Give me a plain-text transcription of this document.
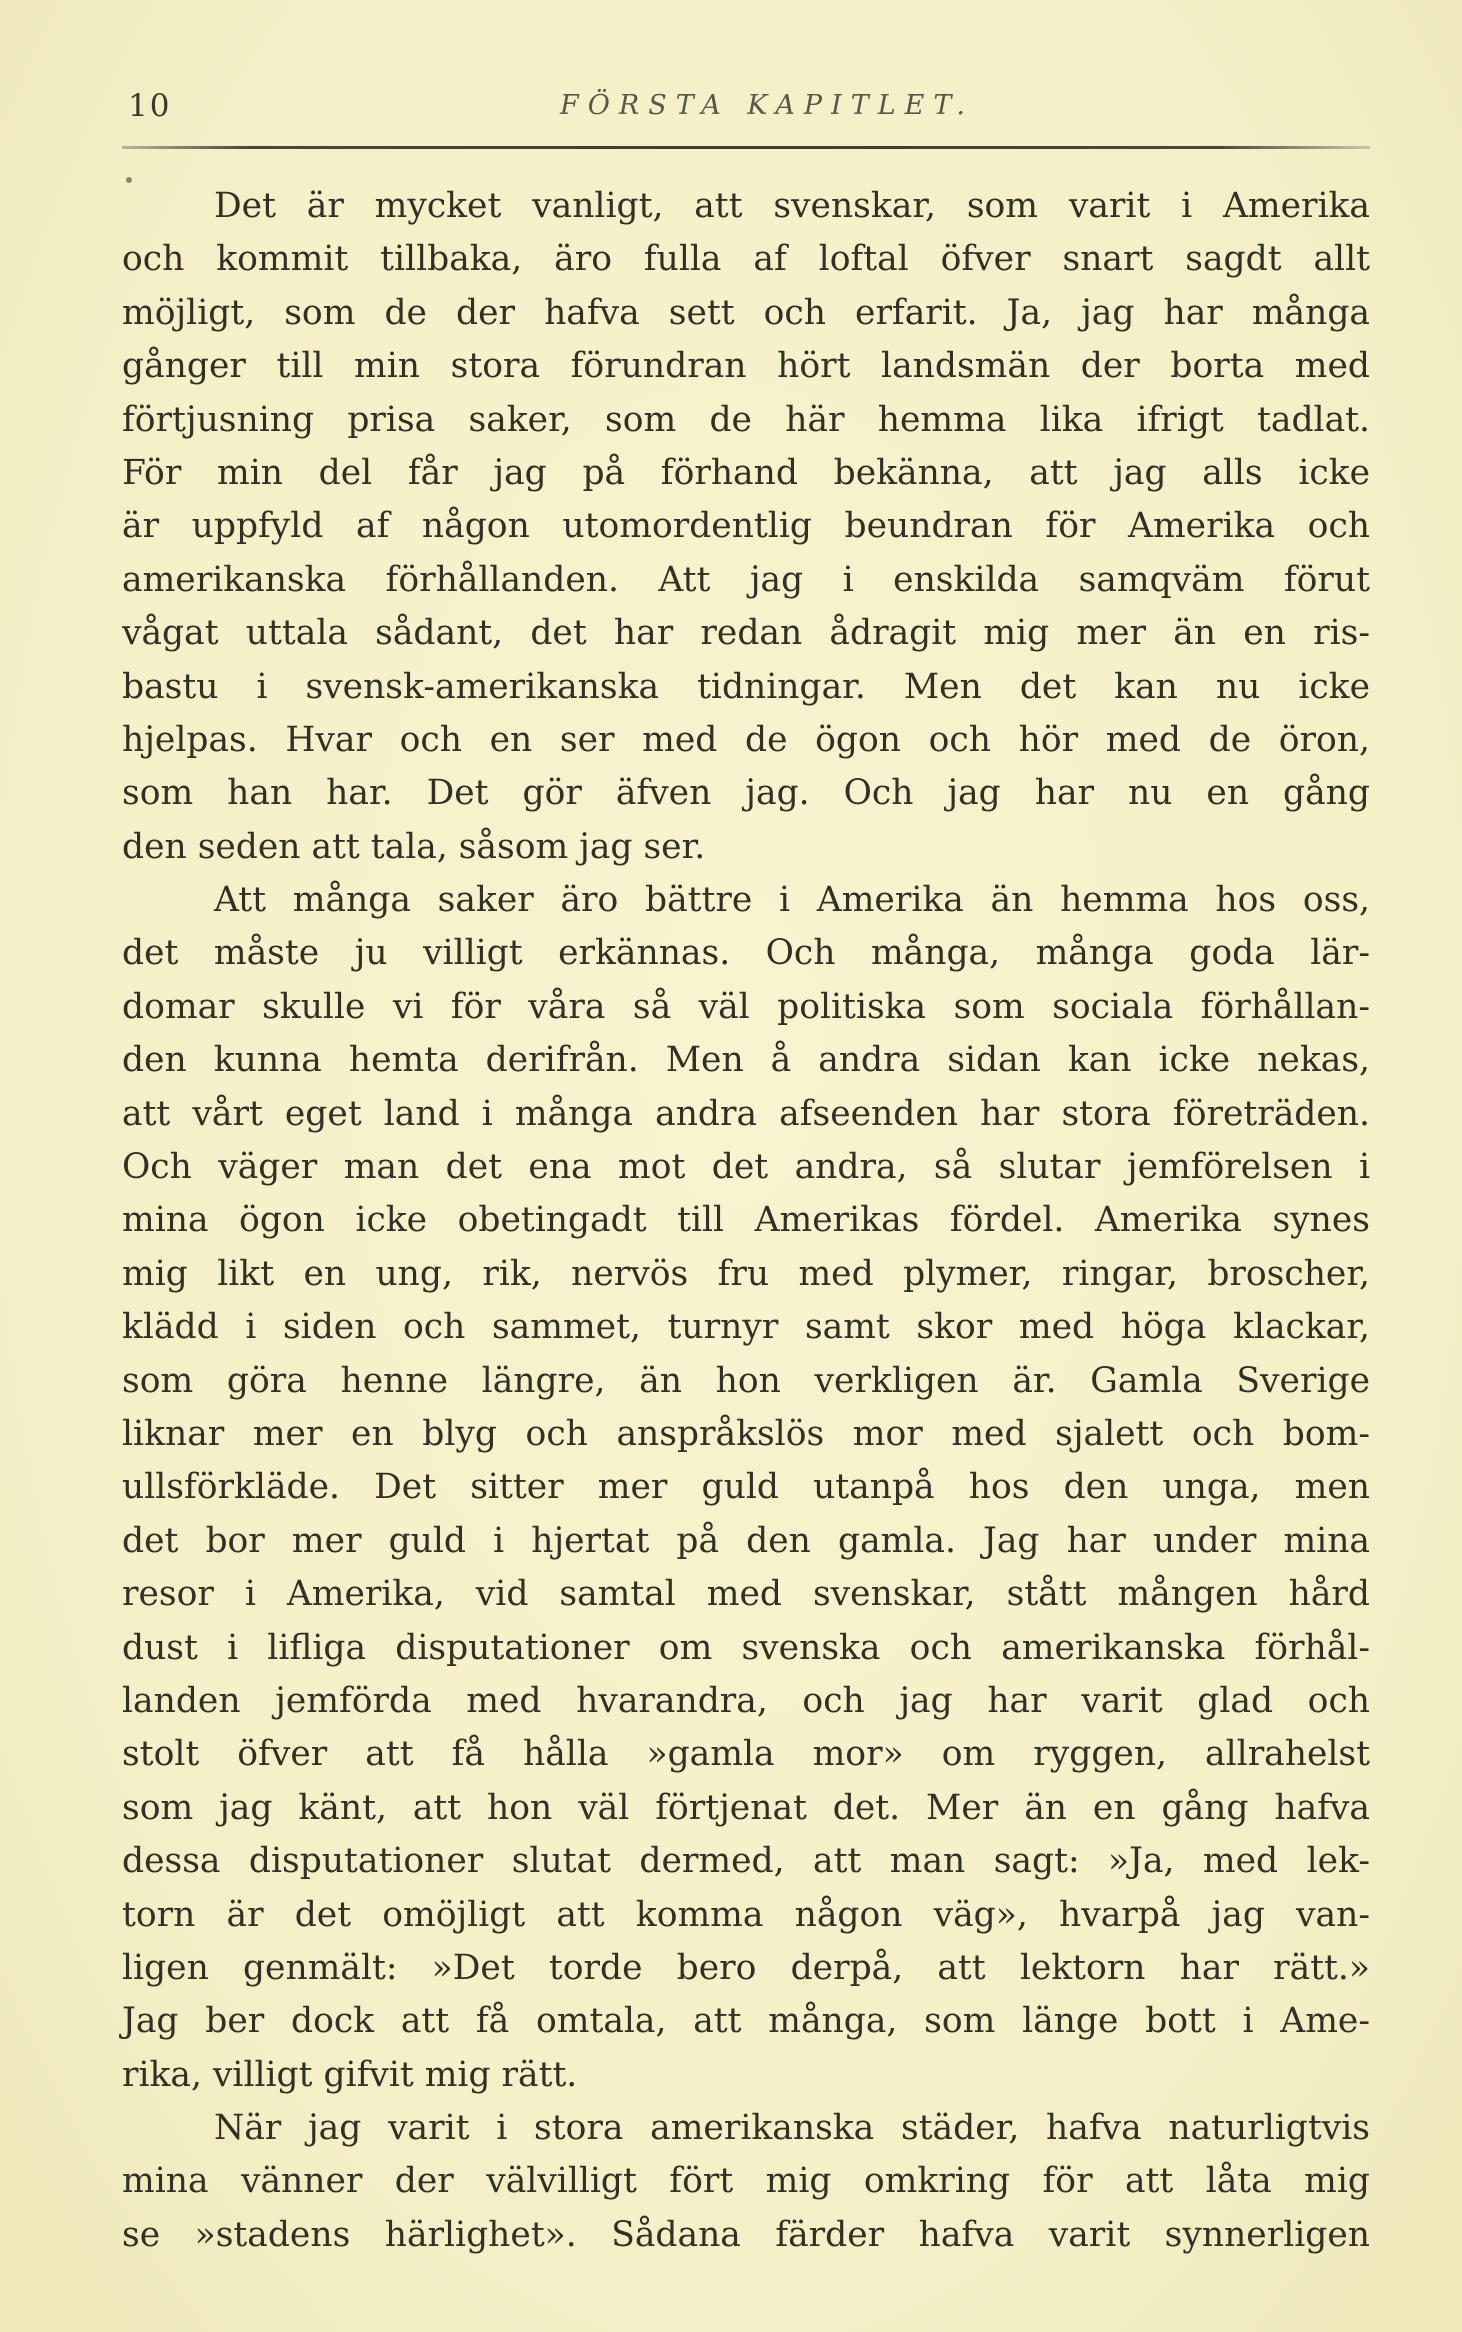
10	FÖRSTA KAPITLET.
Det är mycket vanligt, att svenskar, som varit i Amerika
och kommit tillbaka, äro fulla af loftal öfver snart sagdt allt
möjligt, som de der hafva sett och erfarit. Ja, jag har många
gånger till min stora förundran hört landsmän der borta med
förtjusning prisa saker, som de här hemma lika ifrigt tadlat.
För min del får jag på förhand bekänna, att jag alls icke
är uppfyld af någon utomordentlig beundran för Amerika och
amerikanska förhållanden. Att jag i enskilda samqväm förut
vågat uttala sådant, det har redan ådragit mig mer än en ris-
bastu i svensk-amerikanska tidningar. Men det kan nu icke
hjelpas. Hvar och en ser med de ögon och hör med de öron,
som han har. Det gör äfven jag. Och jag har nu en gång
den seden att tala, såsom jag ser.
Att många saker äro bättre i Amerika än hemma hos oss,
det måste ju villigt erkännas. Och många, många goda lär-
domar skulle vi för våra så väl politiska som sociala förhållan-
den kunna hemta derifrån. Men å andra sidan kan icke nekas,
att vårt eget land i många andra afseenden har stora företräden.
Och väger man det ena mot det andra, så slutar jemförelsen i
mina ögon icke obetingadt till Amerikas fördel. Amerika synes
mig likt en ung, rik, nervös fru med plymer, ringar, broscher,
klädd i siden och sammet, turnyr samt skor med höga klackar,
som göra henne längre, än hon verkligen är. Gamla Sverige
liknar mer en blyg och anspråkslös mor med sjalett och bom-
ullsförkläde. Det sitter mer guld utanpå hos den unga, men
det bor mer guld i hjertat på den gamla. Jag har under mina
resor i Amerika, vid samtal med svenskar, stått mången hård
dust i lifliga disputationer om svenska och amerikanska förhål-
landen jemförda med hvarandra, och jag har varit glad och
stolt öfver att få hålla »gamla mor» om ryggen, allrahelst
som jag känt, att hon väl förtjenat det. Mer än en gång hafva
dessa disputationer slutat dermed, att man sagt: »Ja, med lek-
torn är det omöjligt att komma någon väg», hvarpå jag van-
ligen genmält: »Det torde bero derpå, att lektorn har rätt.»
Jag ber dock att få omtala, att många, som länge bott i Ame-
rika, villigt gifvit mig rätt.
När jag varit i stora amerikanska städer, hafva naturligtvis
mina vänner der välvilligt fört mig omkring för att låta mig
se »stadens härlighet». Sådana färder hafva varit synnerligen
